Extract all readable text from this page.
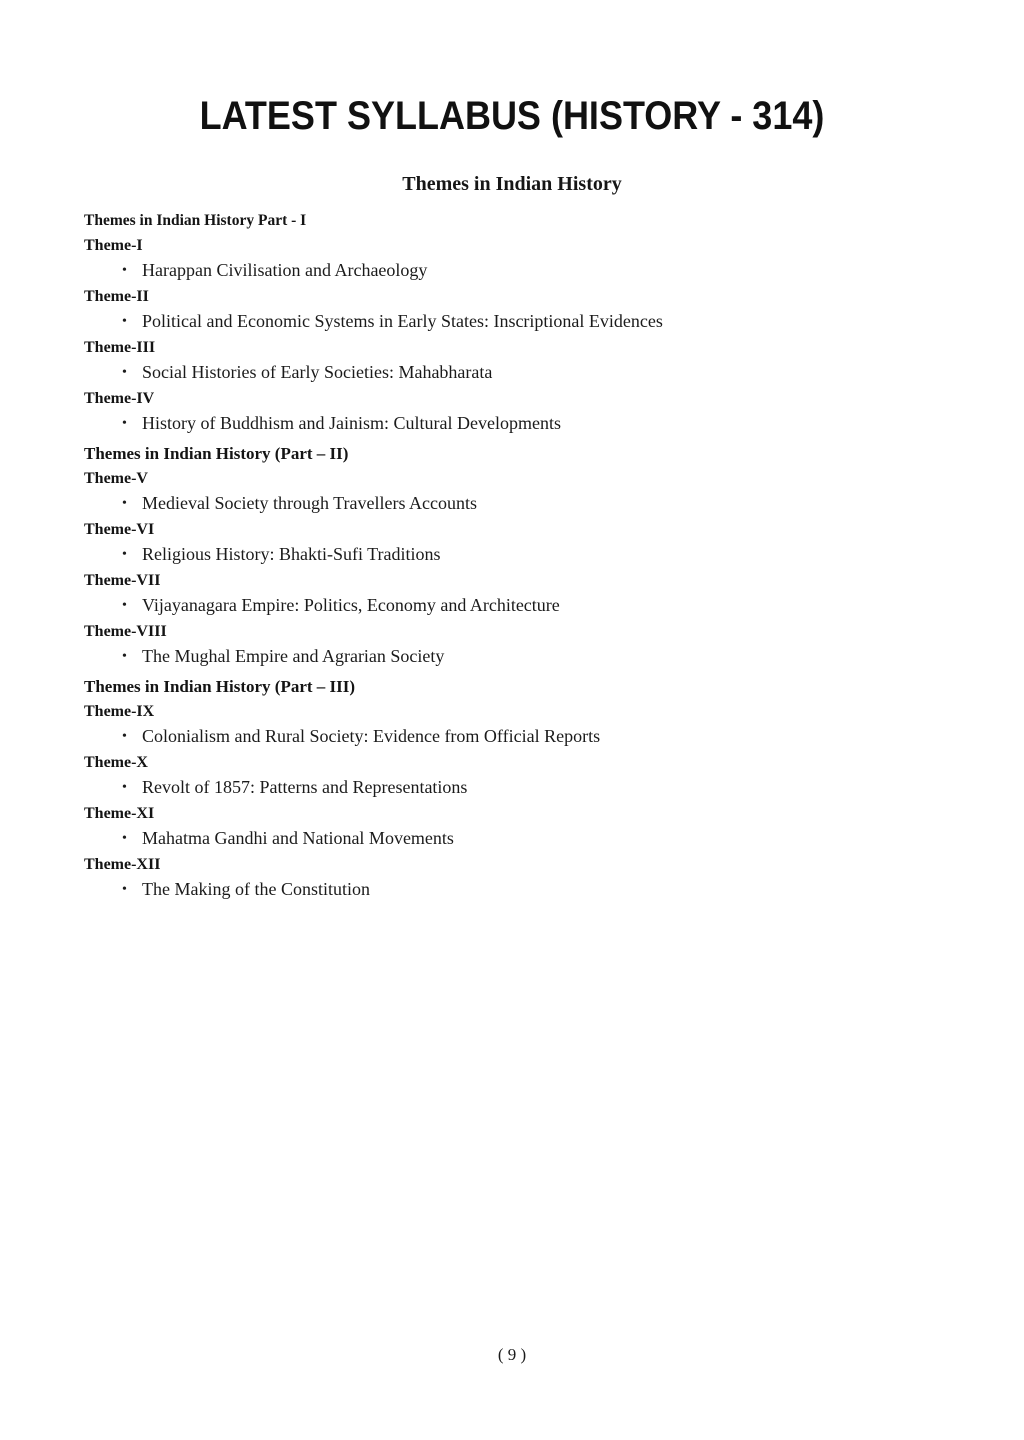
LATEST SYLLABUS (HISTORY - 314)
Themes in Indian History
Themes in Indian History Part - I
Theme-I

• Harappan Civilisation and Archaeology

Theme-II

• Political and Economic Systems in Early States: Inscriptional Evidences

Theme-III

• Social Histories of Early Societies: Mahabharata

Theme-IV

• History of Buddhism and Jainism: Cultural Developments

Themes in Indian History (Part – II)
Theme-V

• Medieval Society through Travellers Accounts

Theme-VI

• Religious History: Bhakti-Sufi Traditions

Theme-VII

• Vijayanagara Empire: Politics, Economy and Architecture

Theme-VIII

• The Mughal Empire and Agrarian Society

Themes in Indian History (Part – III)
Theme-IX

• Colonialism and Rural Society: Evidence from Official Reports

Theme-X

• Revolt of 1857: Patterns and Representations

Theme-XI

• Mahatma Gandhi and National Movements

Theme-XII

• The Making of the Constitution

( 9 )
